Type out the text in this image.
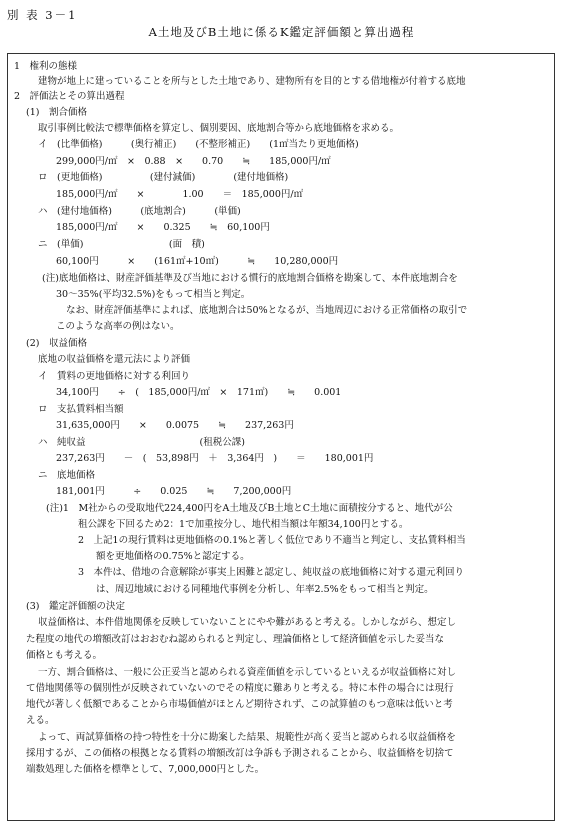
別 表 3－1
A土地及びB土地に係るK鑑定評価額と算出過程
1　権利の態様
建物が地上に建っていることを所与とした土地であり、建物所有を目的とする借地権が付着する底地
2　評価法とその算出過程
(1)　割合価格
取引事例比較法で標準価格を算定し、個別要因、底地割合等から底地価格を求める。
イ　(比準価格)　　　(奥行補正)　　(不整形補正)　　(1㎡当たり更地価格)
299,000円/㎡　×　0.88　×　　0.70　　≒　　185,000円/㎡
ロ　(更地価格)　　　　　(建付減価)　　　　(建付地価格)
185,000円/㎡　　×　　　　1.00　　＝　185,000円/㎡
ハ　(建付地価格)　　　(底地割合)　　　(単価)
185,000円/㎡　　×　　0.325　　≒　60,100円
ニ　(単価)　　　　　　　　　(面　積)
60,100円　　　×　　(161㎡+10㎡)　　　≒　　10,280,000円
(注)底地価格は、財産評価基準及び当地における慣行的底地割合価格を勘案して、本件底地割合を
30～35%(平均32.5%)をもって相当と判定。
なお、財産評価基準によれば、底地割合は50%となるが、当地周辺における正常価格の取引で
このような高率の例はない。
(2)　収益価格
底地の収益価格を還元法により評価
イ　賃料の更地価格に対する利回り
34,100円　　÷　(　185,000円/㎡　×　171㎡)　　≒　　0.001
ロ　支払賃料相当額
31,635,000円　　×　　0.0075　　≒　　237,263円
ハ　純収益　　　　　　　　　　　　(租税公課)
237,263円　　－　(　53,898円　＋　3,364円　)　　＝　　180,001円
ニ　底地価格
181,001円　　　÷　　0.025　　≒　　7,200,000円
(注)1　M社からの受取地代224,400円をA土地及びB土地とC土地に面積按分すると、地代が公
租公課を下回るため2：1で加重按分し、地代相当額は年額34,100円とする。
2　上記1の現行賃料は更地価格の0.1%と著しく低位であり不適当と判定し、支払賃料相当
額を更地価格の0.75%と認定する。
3　本件は、借地の合意解除が事実上困難と認定し、純収益の底地価格に対する還元利回り
は、周辺地域における同種地代事例を分析し、年率2.5%をもって相当と判定。
(3)　鑑定評価額の決定
収益価格は、本件借地関係を反映していないことにやや難があると考える。しかしながら、想定し
た程度の地代の増額改訂はおおむね認められると判定し、理論価格として経済価値を示した妥当な
価格とも考える。
一方、割合価格は、一般に公正妥当と認められる資産価値を示しているといえるが収益価格に対し
て借地関係等の個別性が反映されていないのでその精度に難ありと考える。特に本件の場合には現行
地代が著しく低額であることから市場価値がほとんど期待されず、この試算値のもつ意味は低いと考
える。
よって、両試算価格の持つ特性を十分に勘案した結果、規範性が高く妥当と認められる収益価格を
採用するが、この価格の根拠となる賃料の増額改訂は争訴も予測されることから、収益価格を切捨て
端数処理した価格を標準として、7,000,000円とした。
